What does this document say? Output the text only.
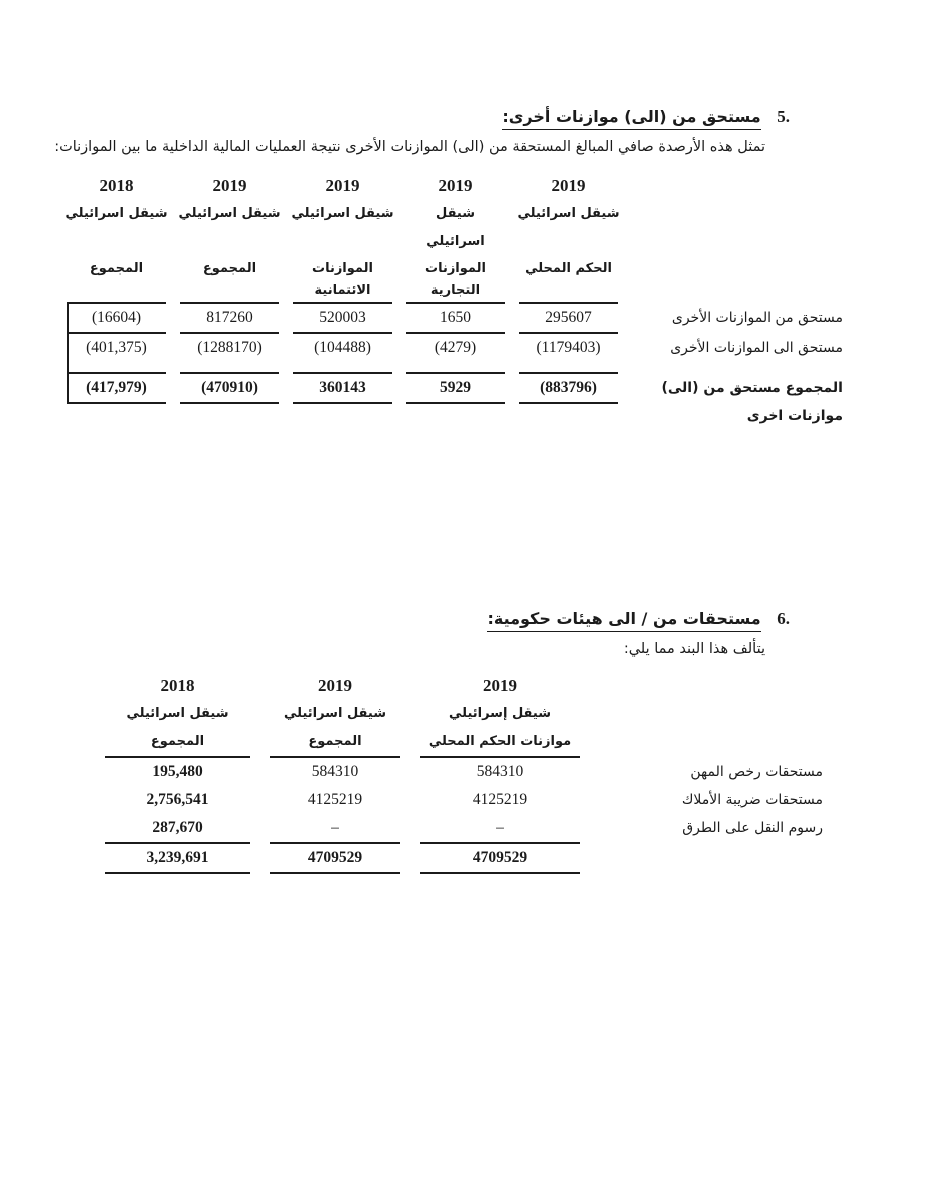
5. مستحق من (الى) موازنات أخرى:
تمثل هذه الأرصدة صافي المبالغ المستحقة من (الى) الموازنات الأخرى نتيجة العمليات المالية الداخلية ما بين الموازنات:
2019
2019
2019
2019
2018
شيقل اسرائيلي
شيقل
شيقل اسرائيلي
شيقل اسرائيلي
شيقل اسرائيلي
اسرائيلي
الحكم المحلي
الموازنات
الموازنات
المجموع
المجموع
التجارية
الائتمانية
مستحق من الموازنات الأخرى
295607
1650
520003
817260
(16604)
مستحق الى الموازنات الأخرى
(1179403)
(4279)
(104488)
(1288170)
(401,375)
المجموع مستحق من (الى) موازنات اخرى
(883796)
5929
360143
(470910)
(417,979)
6. مستحقات من / الى هيئات حكومية:
يتألف هذا البند مما يلي:
2019
2019
2018
شيقل إسرائيلي
شيقل اسرائيلي
شيقل اسرائيلي
موازنات الحكم المحلي
المجموع
المجموع
مستحقات رخص المهن
584310
584310
195,480
مستحقات ضريبة الأملاك
4125219
4125219
2,756,541
رسوم النقل على الطرق
–
–
287,670
4709529
4709529
3,239,691
